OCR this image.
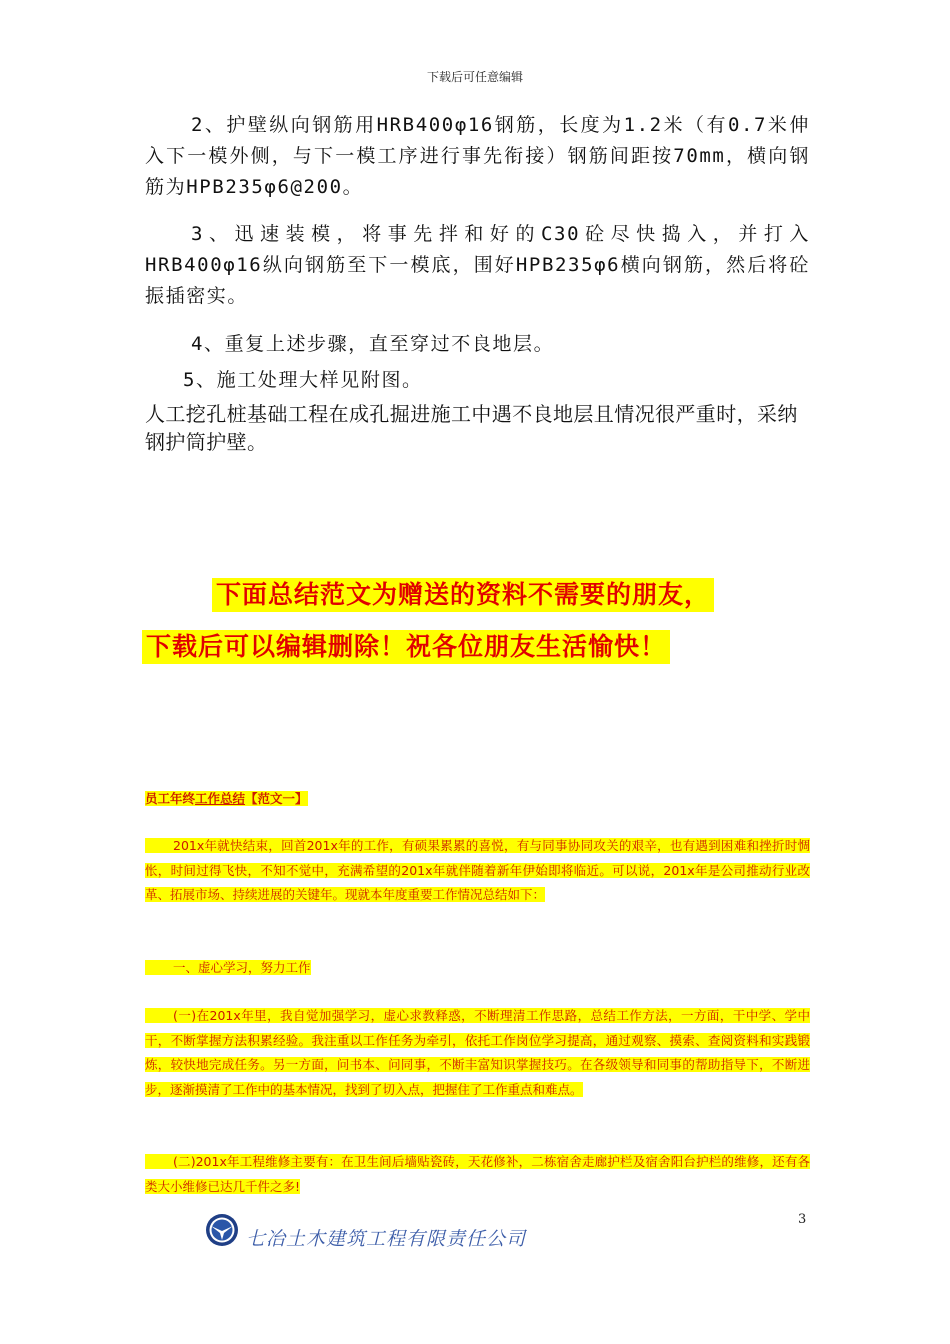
下载后可任意编辑

2、护壁纵向钢筋用HRB400φ16钢筋，长度为1.2米（有0.7米伸入下一模外侧，与下一模工序进行事先衔接）钢筋间距按70mm，横向钢筋为HPB235φ6@200。

3、迅速装模，将事先拌和好的C30砼尽快捣入，并打入HRB400φ16纵向钢筋至下一模底，围好HPB235φ6横向钢筋，然后将砼振插密实。

4、重复上述步骤，直至穿过不良地层。

5、施工处理大样见附图。

人工挖孔桩基础工程在成孔掘进施工中遇不良地层且情况很严重时，采纳钢护筒护壁。

下面总结范文为赠送的资料不需要的朋友，
下载后可以编辑删除！祝各位朋友生活愉快！

员工年终工作总结【范文一】

201x年就快结束，回首201x年的工作，有硕果累累的喜悦，有与同事协同攻关的艰辛，也有遇到困难和挫折时惆怅，时间过得飞快，不知不觉中，充满希望的201x年就伴随着新年伊始即将临近。可以说，201x年是公司推动行业改革、拓展市场、持续进展的关键年。现就本年度重要工作情况总结如下：

一、虚心学习，努力工作

(一)在201x年里，我自觉加强学习，虚心求教释惑，不断理清工作思路，总结工作方法，一方面，干中学、学中干，不断掌握方法积累经验。我注重以工作任务为牵引，依托工作岗位学习提高，通过观察、摸索、查阅资料和实践锻炼，较快地完成任务。另一方面，问书本、问同事，不断丰富知识掌握技巧。在各级领导和同事的帮助指导下，不断进步，逐渐摸清了工作中的基本情况，找到了切入点，把握住了工作重点和难点。

(二)201x年工程维修主要有：在卫生间后墙贴瓷砖，天花修补，二栋宿舍走廊护栏及宿舍阳台护栏的维修，还有各类大小维修已达几千件之多!

3
七冶土木建筑工程有限责任公司
